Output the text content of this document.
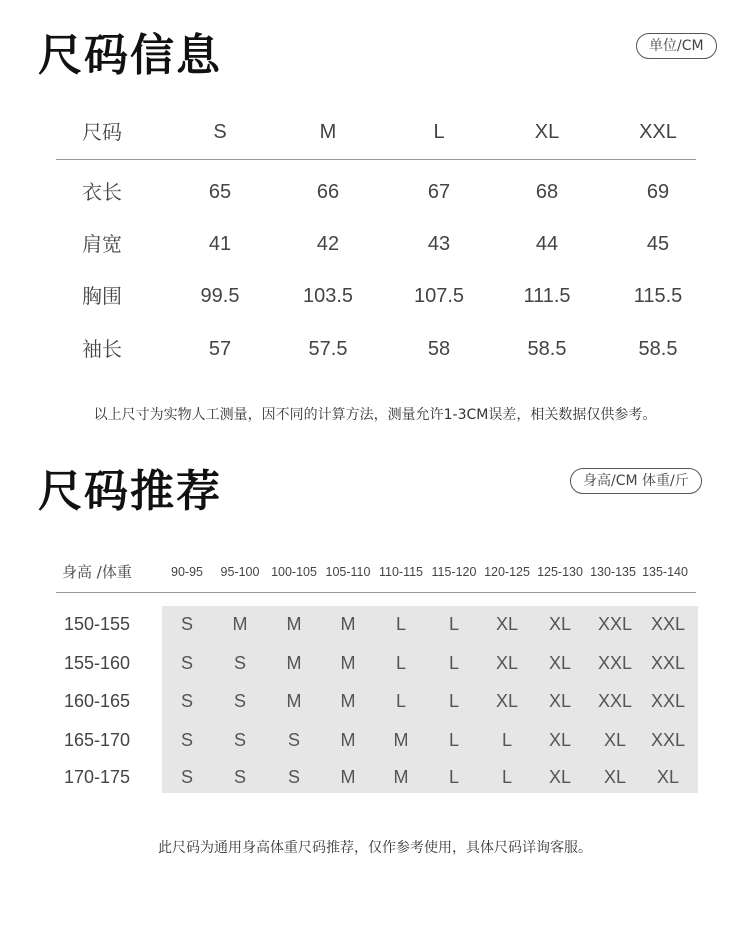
尺码信息	单位/CM
尺码	S	M	L	XL	XXL
衣长	65	66	67	68	69
肩宽	41	42	43	44	45
胸围	99.5	103.5	107.5	111.5	115.5
袖长	57	57.5	58	58.5	58.5
以上尺寸为实物人工测量，因不同的计算方法，测量允许1-3CM误差，相关数据仅供参考。
尺码推荐	身高/CM 体重/斤
身高 /体重	90-95	95-100 100-105 105-110 110-115 115-120 120-125 125-130 130-135 135-140
150-155	S	M	M	M	L	L	XL	XL	XXL	XXL
155-160	S	S	M	M	L	L	XL	XL	XXL	XXL
160-165	S	S	M	M	L	L	XL	XL	XXL	XXL
165-170	S	S	S	M	M	L	L	XL	XL	XXL
170-175	S	S	S	M	M	L	L	XL	XL	XL
此尺码为通用身高体重尺码推荐，仅作参考使用，具体尺码详询客服。
